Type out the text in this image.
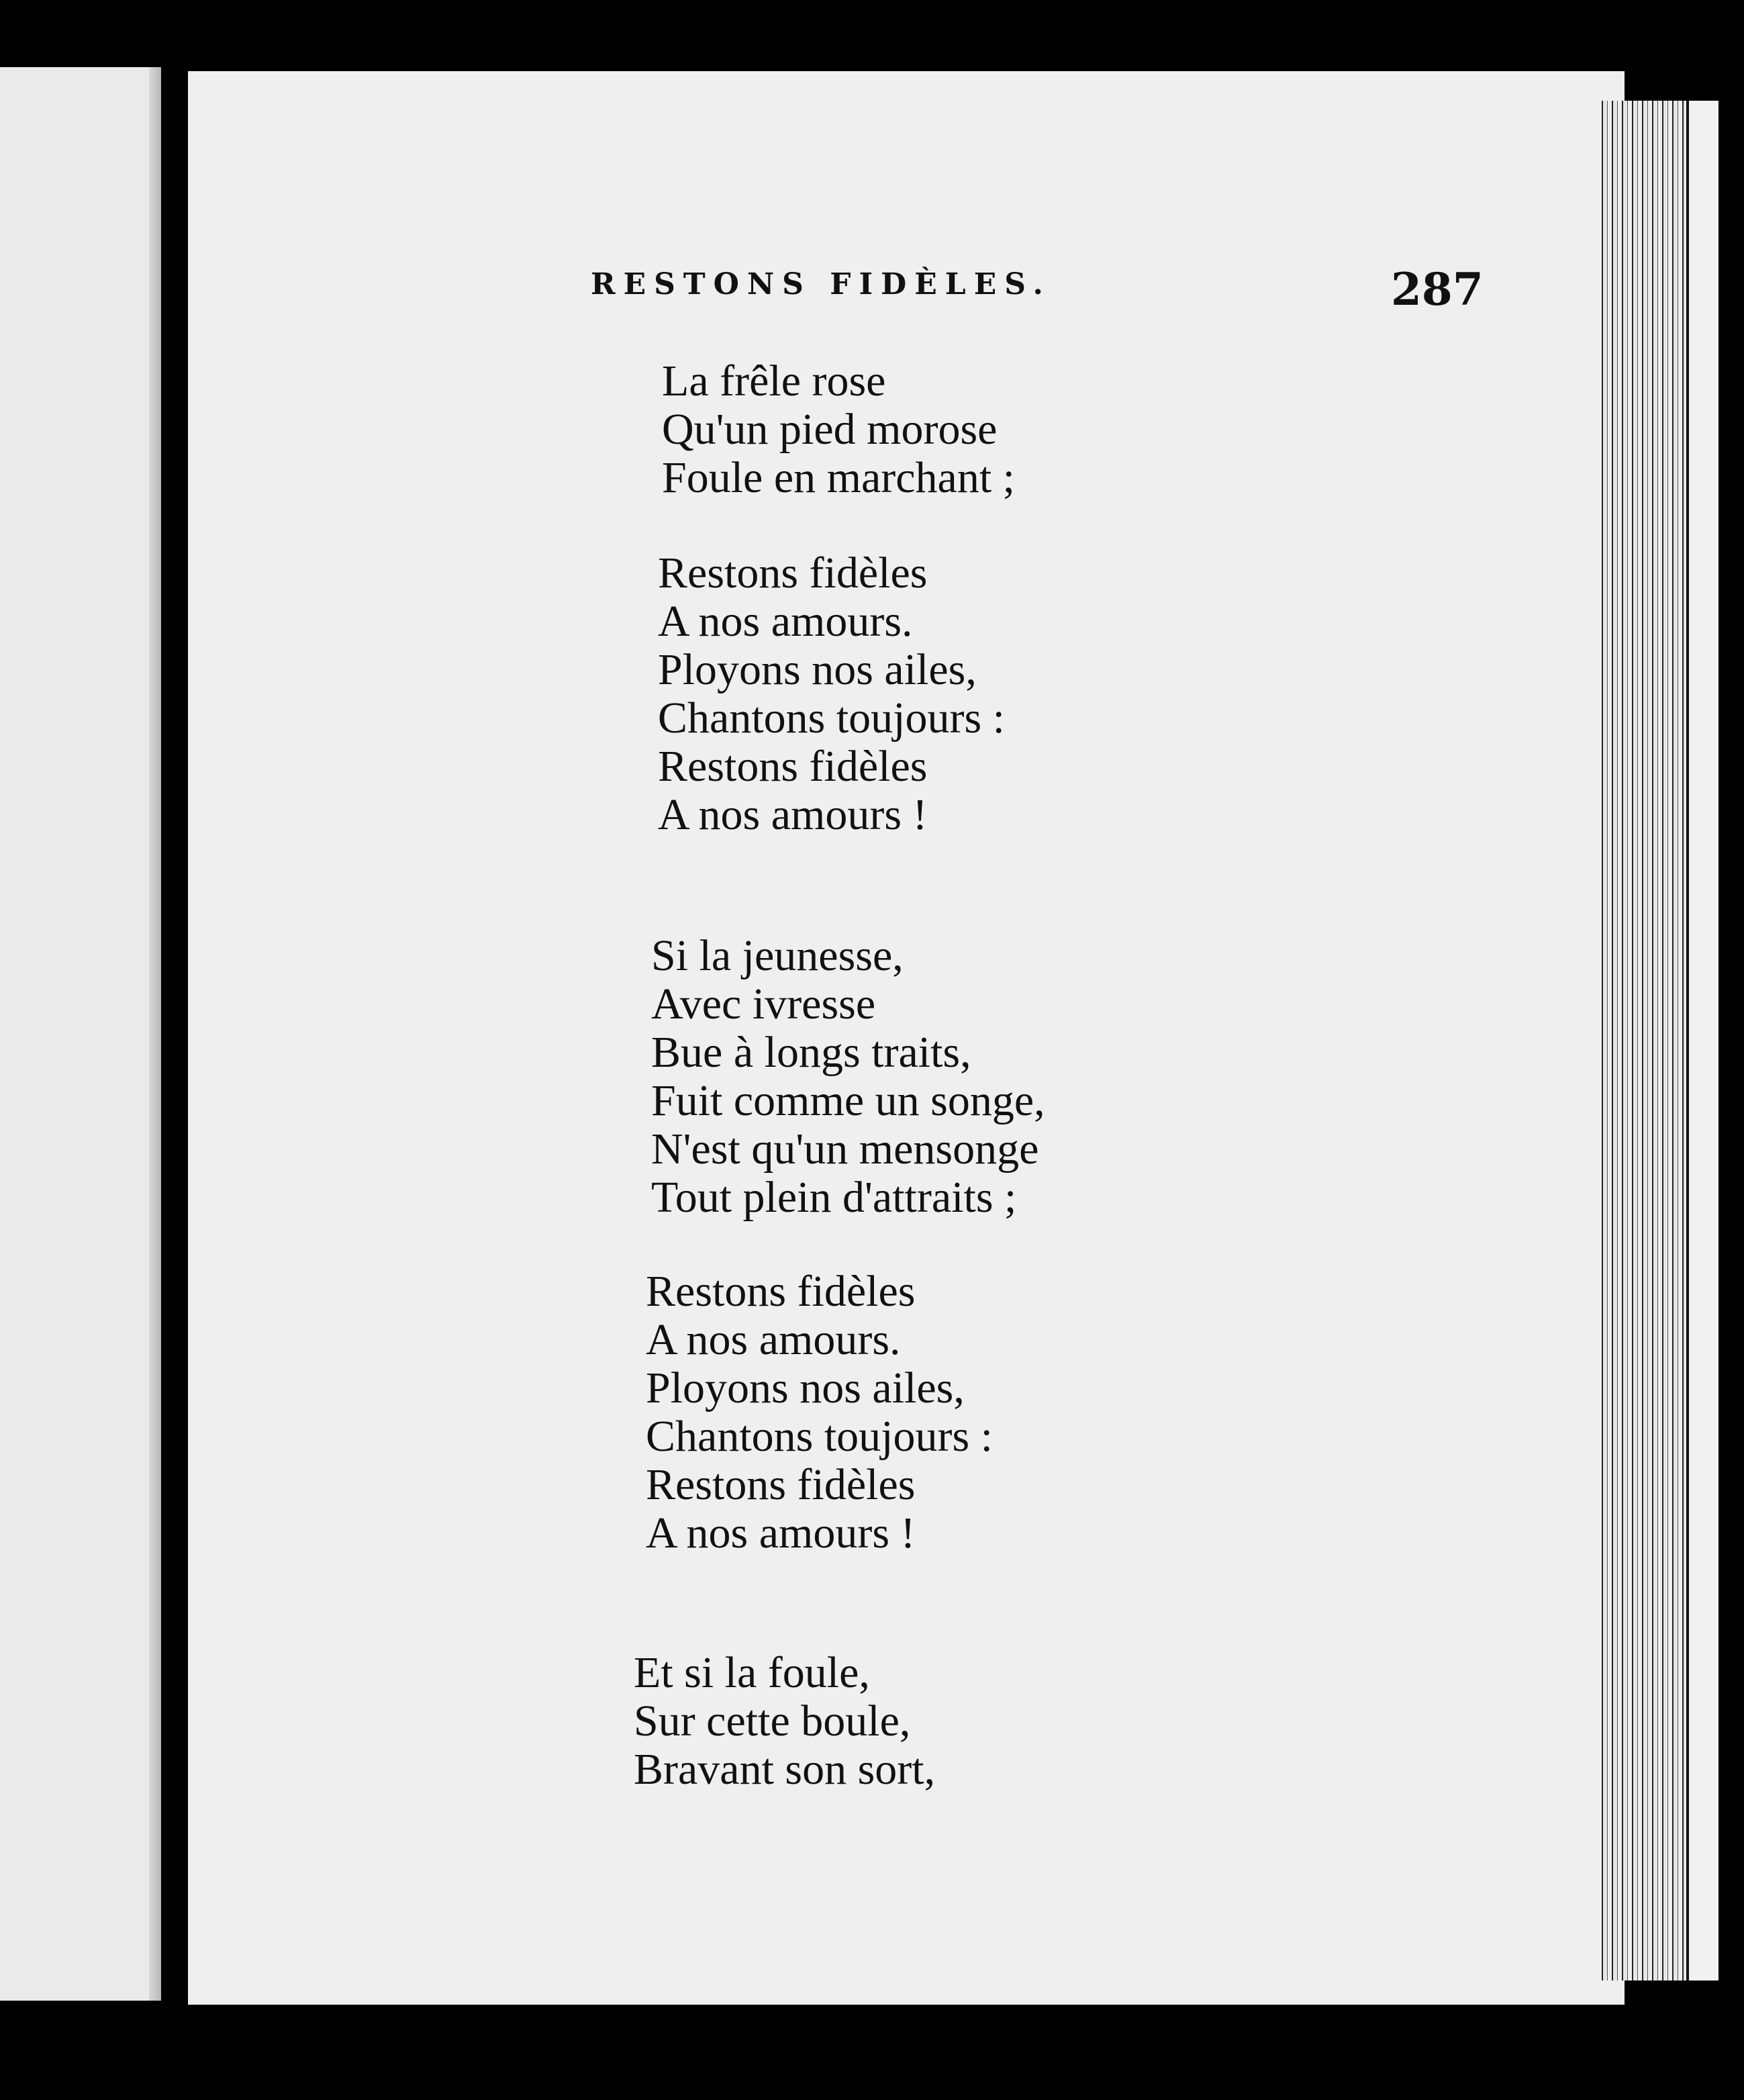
RESTONS FIDÈLES.	287
La frêle rose
Qu'un pied morose
Foule en marchant ;
Restons fidèles
A nos amours.
Ployons nos ailes,
Chantons toujours :
Restons fidèles
A nos amours !
Si la jeunesse,
Avec ivresse
Bue à longs traits,
Fuit comme un songe,
N'est qu'un mensonge
Tout plein d'attraits ;
Restons fidèles
A nos amours.
Ployons nos ailes,
Chantons toujours :
Restons fidèles
A nos amours !
Et si la foule,
Sur cette boule,
Bravant son sort,
